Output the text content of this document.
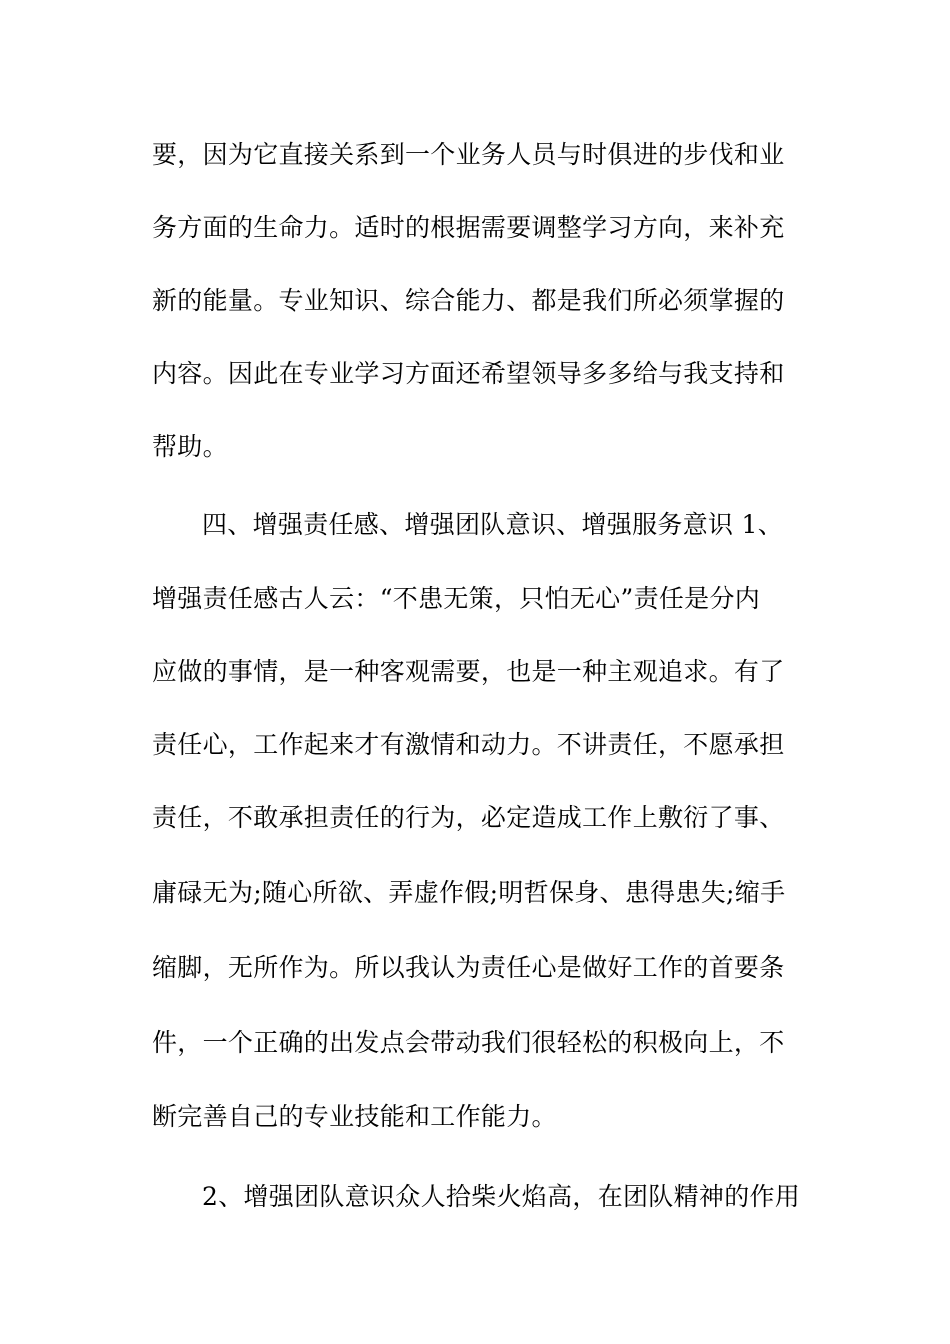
要，因为它直接关系到一个业务人员与时俱进的步伐和业
务方面的生命力。适时的根据需要调整学习方向，来补充
新的能量。专业知识、综合能力、都是我们所必须掌握的
内容。因此在专业学习方面还希望领导多多给与我支持和
帮助。
四、增强责任感、增强团队意识、增强服务意识 1、
增强责任感古人云：“不患无策，只怕无心”责任是分内
应做的事情，是一种客观需要，也是一种主观追求。有了
责任心，工作起来才有激情和动力。不讲责任，不愿承担
责任，不敢承担责任的行为，必定造成工作上敷衍了事、
庸碌无为;随心所欲、弄虚作假;明哲保身、患得患失;缩手
缩脚，无所作为。所以我认为责任心是做好工作的首要条
件，一个正确的出发点会带动我们很轻松的积极向上，不
断完善自己的专业技能和工作能力。
2、增强团队意识众人拾柴火焰高，在团队精神的作用
